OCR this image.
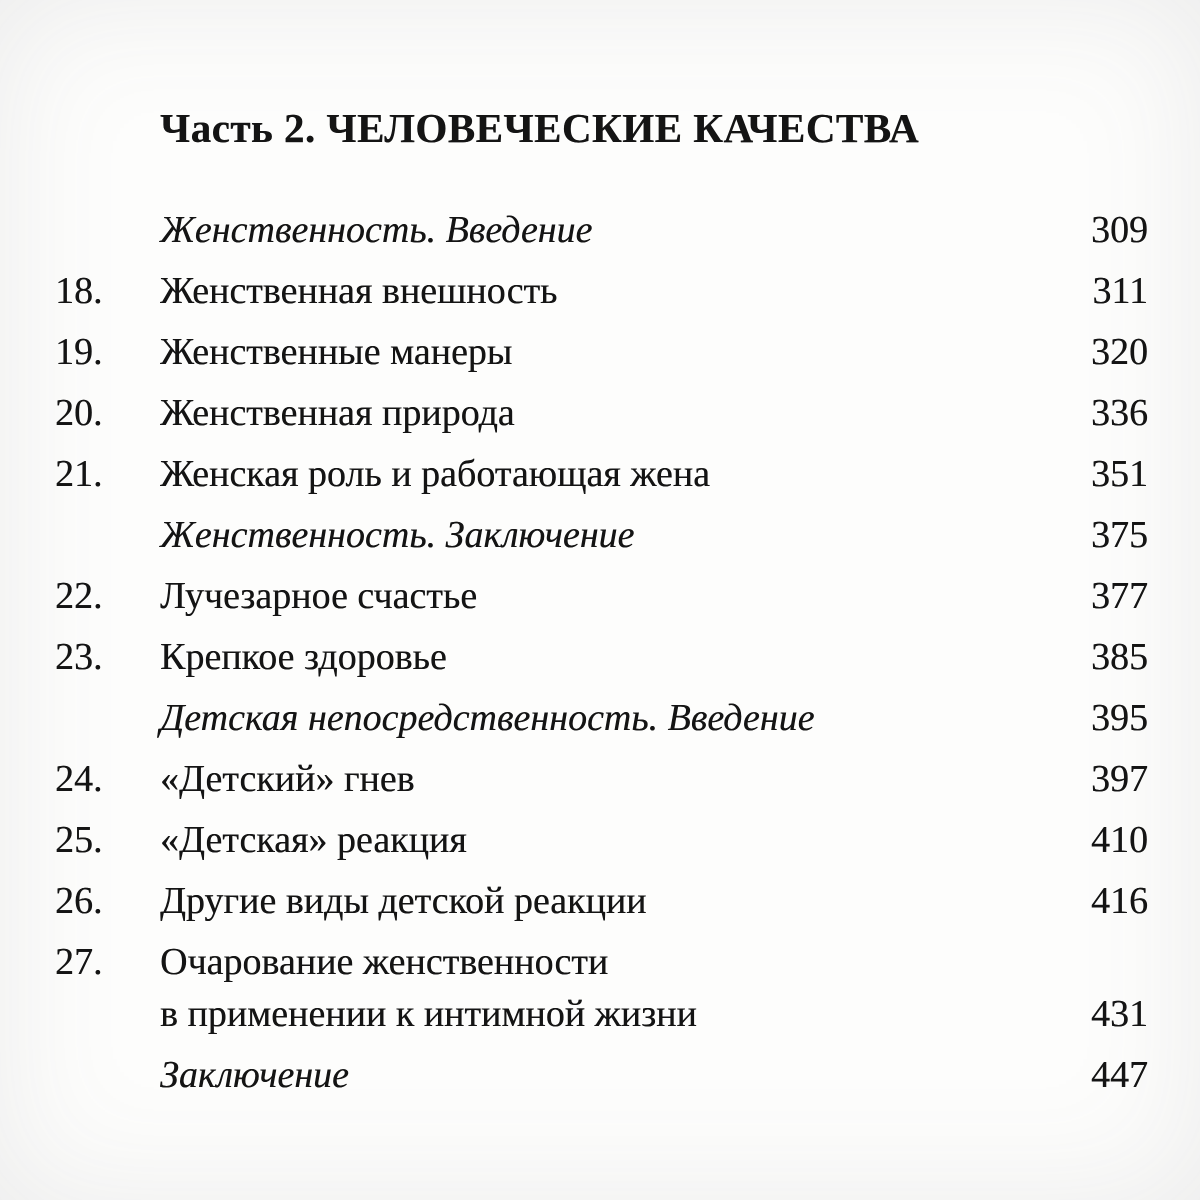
Часть 2. ЧЕЛОВЕЧЕСКИЕ КАЧЕСТВА
Женственность. Введение	309
18.	Женственная внешность	311
19.	Женственные манеры	320
20.	Женственная природа	336
21.	Женская роль и работающая жена	351
Женственность. Заключение	375
22.	Лучезарное счастье	377
23.	Крепкое здоровье	385
Детская непосредственность. Введение	395
24.	«Детский» гнев	397
25.	«Детская» реакция	410
26.	Другие виды детской реакции	416
27.	Очарование женственности
в применении к интимной жизни	431
Заключение	447
